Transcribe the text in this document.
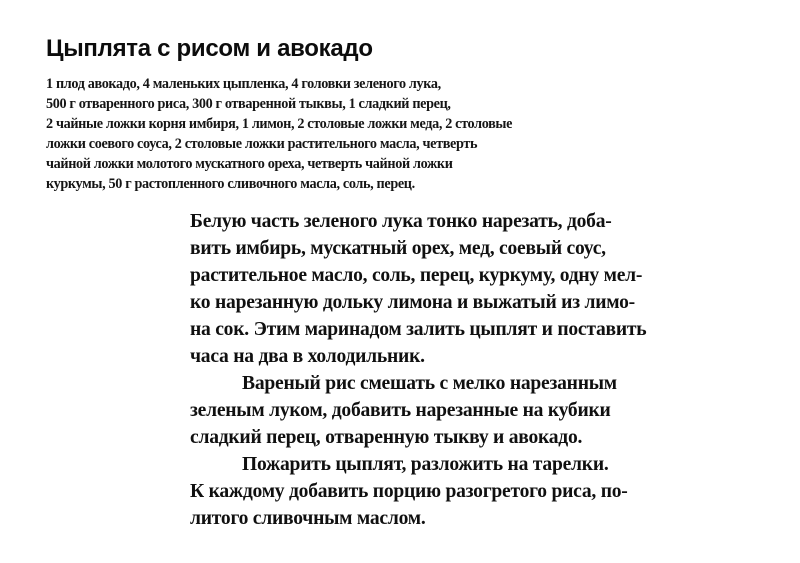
Цыплята с рисом и авокадо

1 плод авокадо, 4 маленьких цыпленка, 4 головки зеленого лука,
500 г отваренного риса, 300 г отваренной тыквы, 1 сладкий перец,
2 чайные ложки корня имбиря, 1 лимон, 2 столовые ложки меда, 2 столовые
ложки соевого соуса, 2 столовые ложки растительного масла, четверть
чайной ложки молотого мускатного ореха, четверть чайной ложки
куркумы, 50 г растопленного сливочного масла, соль, перец.

Белую часть зеленого лука тонко нарезать, доба-
вить имбирь, мускатный орех, мед, соевый соус,
растительное масло, соль, перец, куркуму, одну мел-
ко нарезанную дольку лимона и выжатый из лимо-
на сок. Этим маринадом залить цыплят и поставить
часа на два в холодильник.
Вареный рис смешать с мелко нарезанным
зеленым луком, добавить нарезанные на кубики
сладкий перец, отваренную тыкву и авокадо.
Пожарить цыплят, разложить на тарелки.
К каждому добавить порцию разогретого риса, по-
литого сливочным маслом.
